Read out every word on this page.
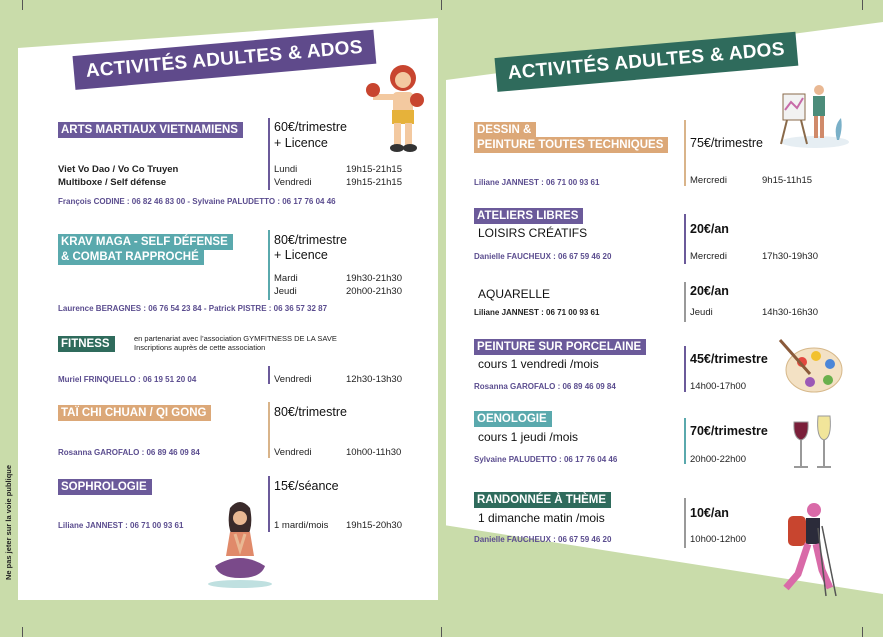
ACTIVITÉS ADULTES & ADOS
ARTS MARTIAUX VIETNAMIENS
Viet Vo Dao / Vo Co Truyen
Multiboxe / Self défense
60€/trimestre
+ Licence
Lundi	19h15-21h15
Vendredi	19h15-21h15
François CODINE : 06 82 46 83 00 - Sylvaine PALUDETTO : 06 17 76 04 46
KRAV MAGA - SELF DÉFENSE
& COMBAT RAPPROCHÉ
80€/trimestre
+ Licence
Mardi	19h30-21h30
Jeudi	20h00-21h30
Laurence BERAGNES : 06 76 54 23 84 - Patrick PISTRE : 06 36 57 32 87
FITNESS	en partenariat avec l’association GYMFITNESS DE LA SAVE
Inscriptions auprès de cette association
Vendredi	12h30-13h30
Muriel FRINQUELLO : 06 19 51 20 04
TAÏ CHI CHUAN / QI GONG	80€/trimestre
Vendredi	10h00-11h30
Rosanna GAROFALO : 06 89 46 09 84
SOPHROLOGIE	15€/séance
1 mardi/mois 19h15-20h30
Liliane JANNEST : 06 71 00 93 61
Ne pas jeter sur la voie publique
ACTIVITÉS ADULTES & ADOS
DESSIN &
PEINTURE TOUTES TECHNIQUES	75€/trimestre
Mercredi	9h15-11h15
Liliane JANNEST : 06 71 00 93 61
ATELIERS LIBRES
LOISIRS CRÉATIFS	20€/an
Mercredi	17h30-19h30
Danielle FAUCHEUX : 06 67 59 46 20
AQUARELLE	20€/an
Jeudi	14h30-16h30
Liliane JANNEST : 06 71 00 93 61
PEINTURE SUR PORCELAINE
cours 1 vendredi /mois	45€/trimestre
14h00-17h00
Rosanna GAROFALO : 06 89 46 09 84
OENOLOGIE
cours 1 jeudi /mois	70€/trimestre
20h00-22h00
Sylvaine PALUDETTO : 06 17 76 04 46
RANDONNÉE À THÈME
1 dimanche matin /mois	10€/an
10h00-12h00
Danielle FAUCHEUX : 06 67 59 46 20
